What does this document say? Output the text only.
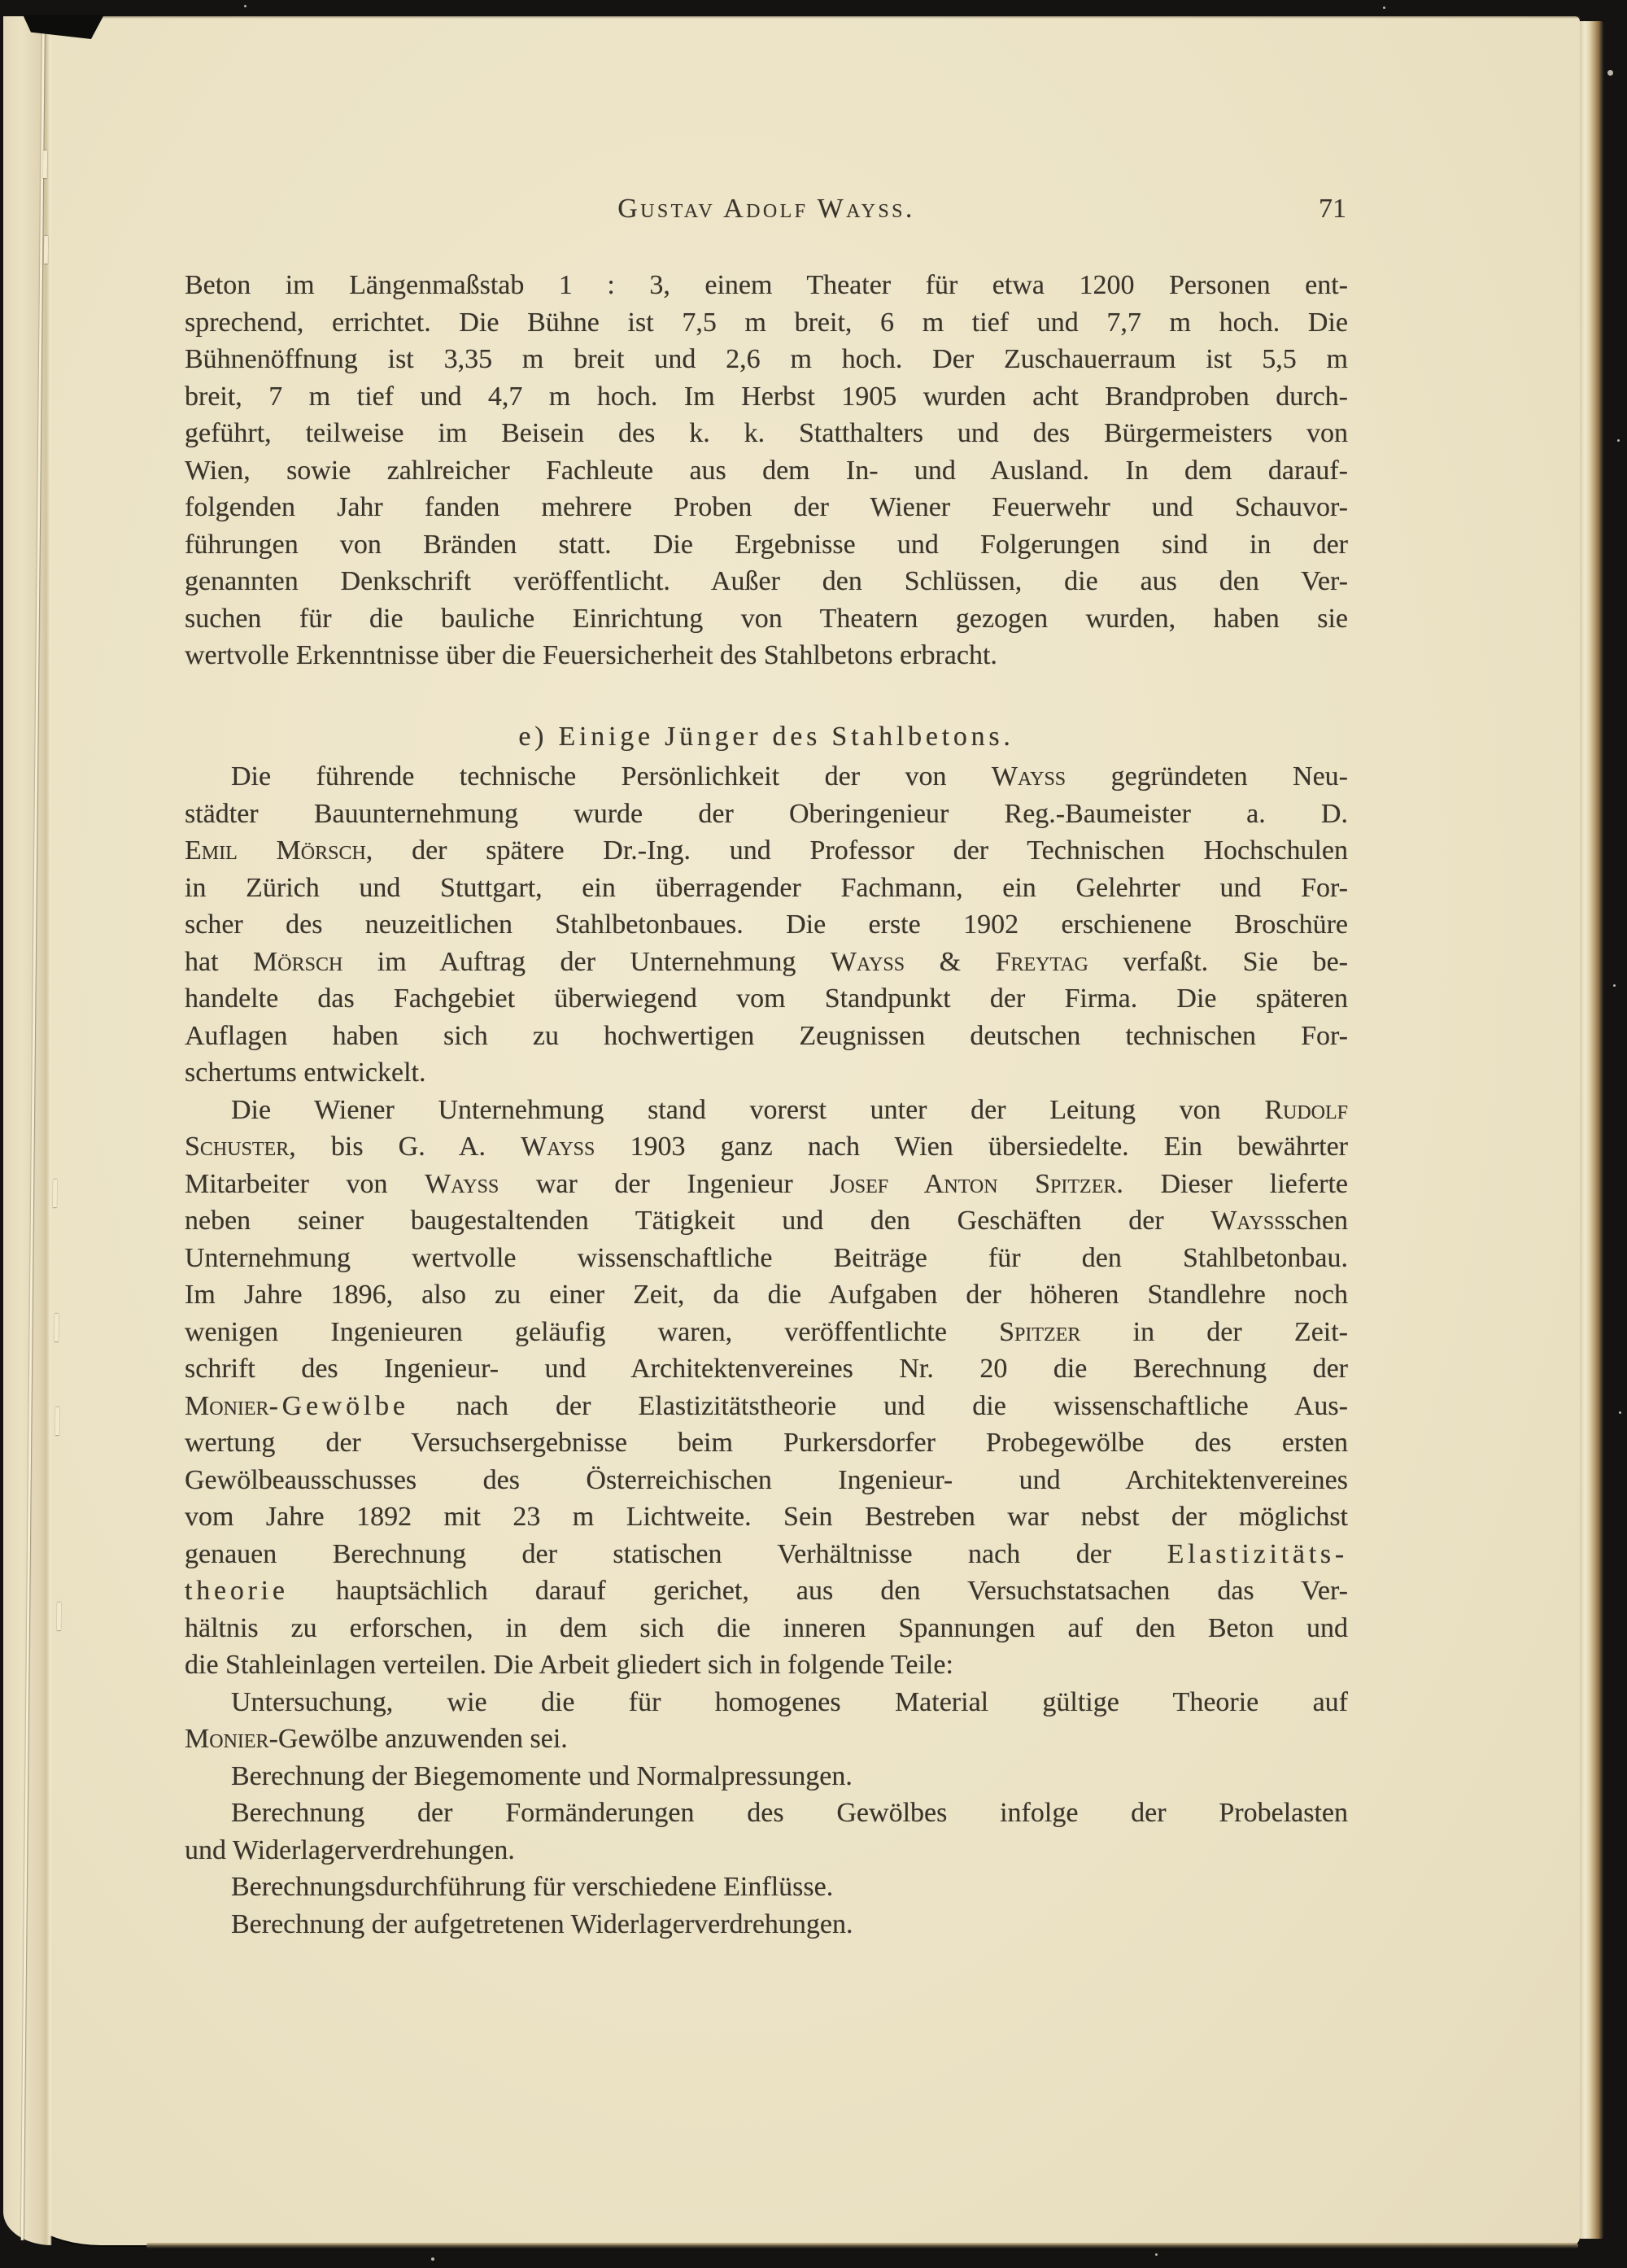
Gustav Adolf Wayss.	71
Beton im Längenmaßstab 1 : 3, einem Theater für etwa 1200 Personen ent-
sprechend, errichtet. Die Bühne ist 7,5 m breit, 6 m tief und 7,7 m hoch. Die
Bühnenöffnung ist 3,35 m breit und 2,6 m hoch. Der Zuschauerraum ist 5,5 m
breit, 7 m tief und 4,7 m hoch. Im Herbst 1905 wurden acht Brandproben durch-
geführt, teilweise im Beisein des k. k. Statthalters und des Bürgermeisters von
Wien, sowie zahlreicher Fachleute aus dem In- und Ausland. In dem darauf-
folgenden Jahr fanden mehrere Proben der Wiener Feuerwehr und Schauvor-
führungen von Bränden statt. Die Ergebnisse und Folgerungen sind in der
genannten Denkschrift veröffentlicht. Außer den Schlüssen, die aus den Ver-
suchen für die bauliche Einrichtung von Theatern gezogen wurden, haben sie
wertvolle Erkenntnisse über die Feuersicherheit des Stahlbetons erbracht.
e) Einige Jünger des Stahlbetons.
Die führende technische Persönlichkeit der von Wayss gegründeten Neu-
städter Bauunternehmung wurde der Oberingenieur Reg.-Baumeister a. D.
Emil Mörsch, der spätere Dr.-Ing. und Professor der Technischen Hochschulen
in Zürich und Stuttgart, ein überragender Fachmann, ein Gelehrter und For-
scher des neuzeitlichen Stahlbetonbaues. Die erste 1902 erschienene Broschüre
hat Mörsch im Auftrag der Unternehmung Wayss & Freytag verfaßt. Sie be-
handelte das Fachgebiet überwiegend vom Standpunkt der Firma. Die späteren
Auflagen haben sich zu hochwertigen Zeugnissen deutschen technischen For-
schertums entwickelt.
Die Wiener Unternehmung stand vorerst unter der Leitung von Rudolf
Schuster, bis G. A. Wayss 1903 ganz nach Wien übersiedelte. Ein bewährter
Mitarbeiter von Wayss war der Ingenieur Josef Anton Spitzer. Dieser lieferte
neben seiner baugestaltenden Tätigkeit und den Geschäften der Wayssschen
Unternehmung wertvolle wissenschaftliche Beiträge für den Stahlbetonbau.
Im Jahre 1896, also zu einer Zeit, da die Aufgaben der höheren Standlehre noch
wenigen Ingenieuren geläufig waren, veröffentlichte Spitzer in der Zeit-
schrift des Ingenieur- und Architektenvereines Nr. 20 die Berechnung der
Monier-Gewölbe nach der Elastizitätstheorie und die wissenschaftliche Aus-
wertung der Versuchsergebnisse beim Purkersdorfer Probegewölbe des ersten
Gewölbeausschusses des Österreichischen Ingenieur- und Architektenvereines
vom Jahre 1892 mit 23 m Lichtweite. Sein Bestreben war nebst der möglichst
genauen Berechnung der statischen Verhältnisse nach der Elastizitäts-
theorie hauptsächlich darauf gerichet, aus den Versuchstatsachen das Ver-
hältnis zu erforschen, in dem sich die inneren Spannungen auf den Beton und
die Stahleinlagen verteilen. Die Arbeit gliedert sich in folgende Teile:
Untersuchung, wie die für homogenes Material gültige Theorie auf
Monier-Gewölbe anzuwenden sei.
Berechnung der Biegemomente und Normalpressungen.
Berechnung der Formänderungen des Gewölbes infolge der Probelasten
und Widerlagerverdrehungen.
Berechnungsdurchführung für verschiedene Einflüsse.
Berechnung der aufgetretenen Widerlagerverdrehungen.
